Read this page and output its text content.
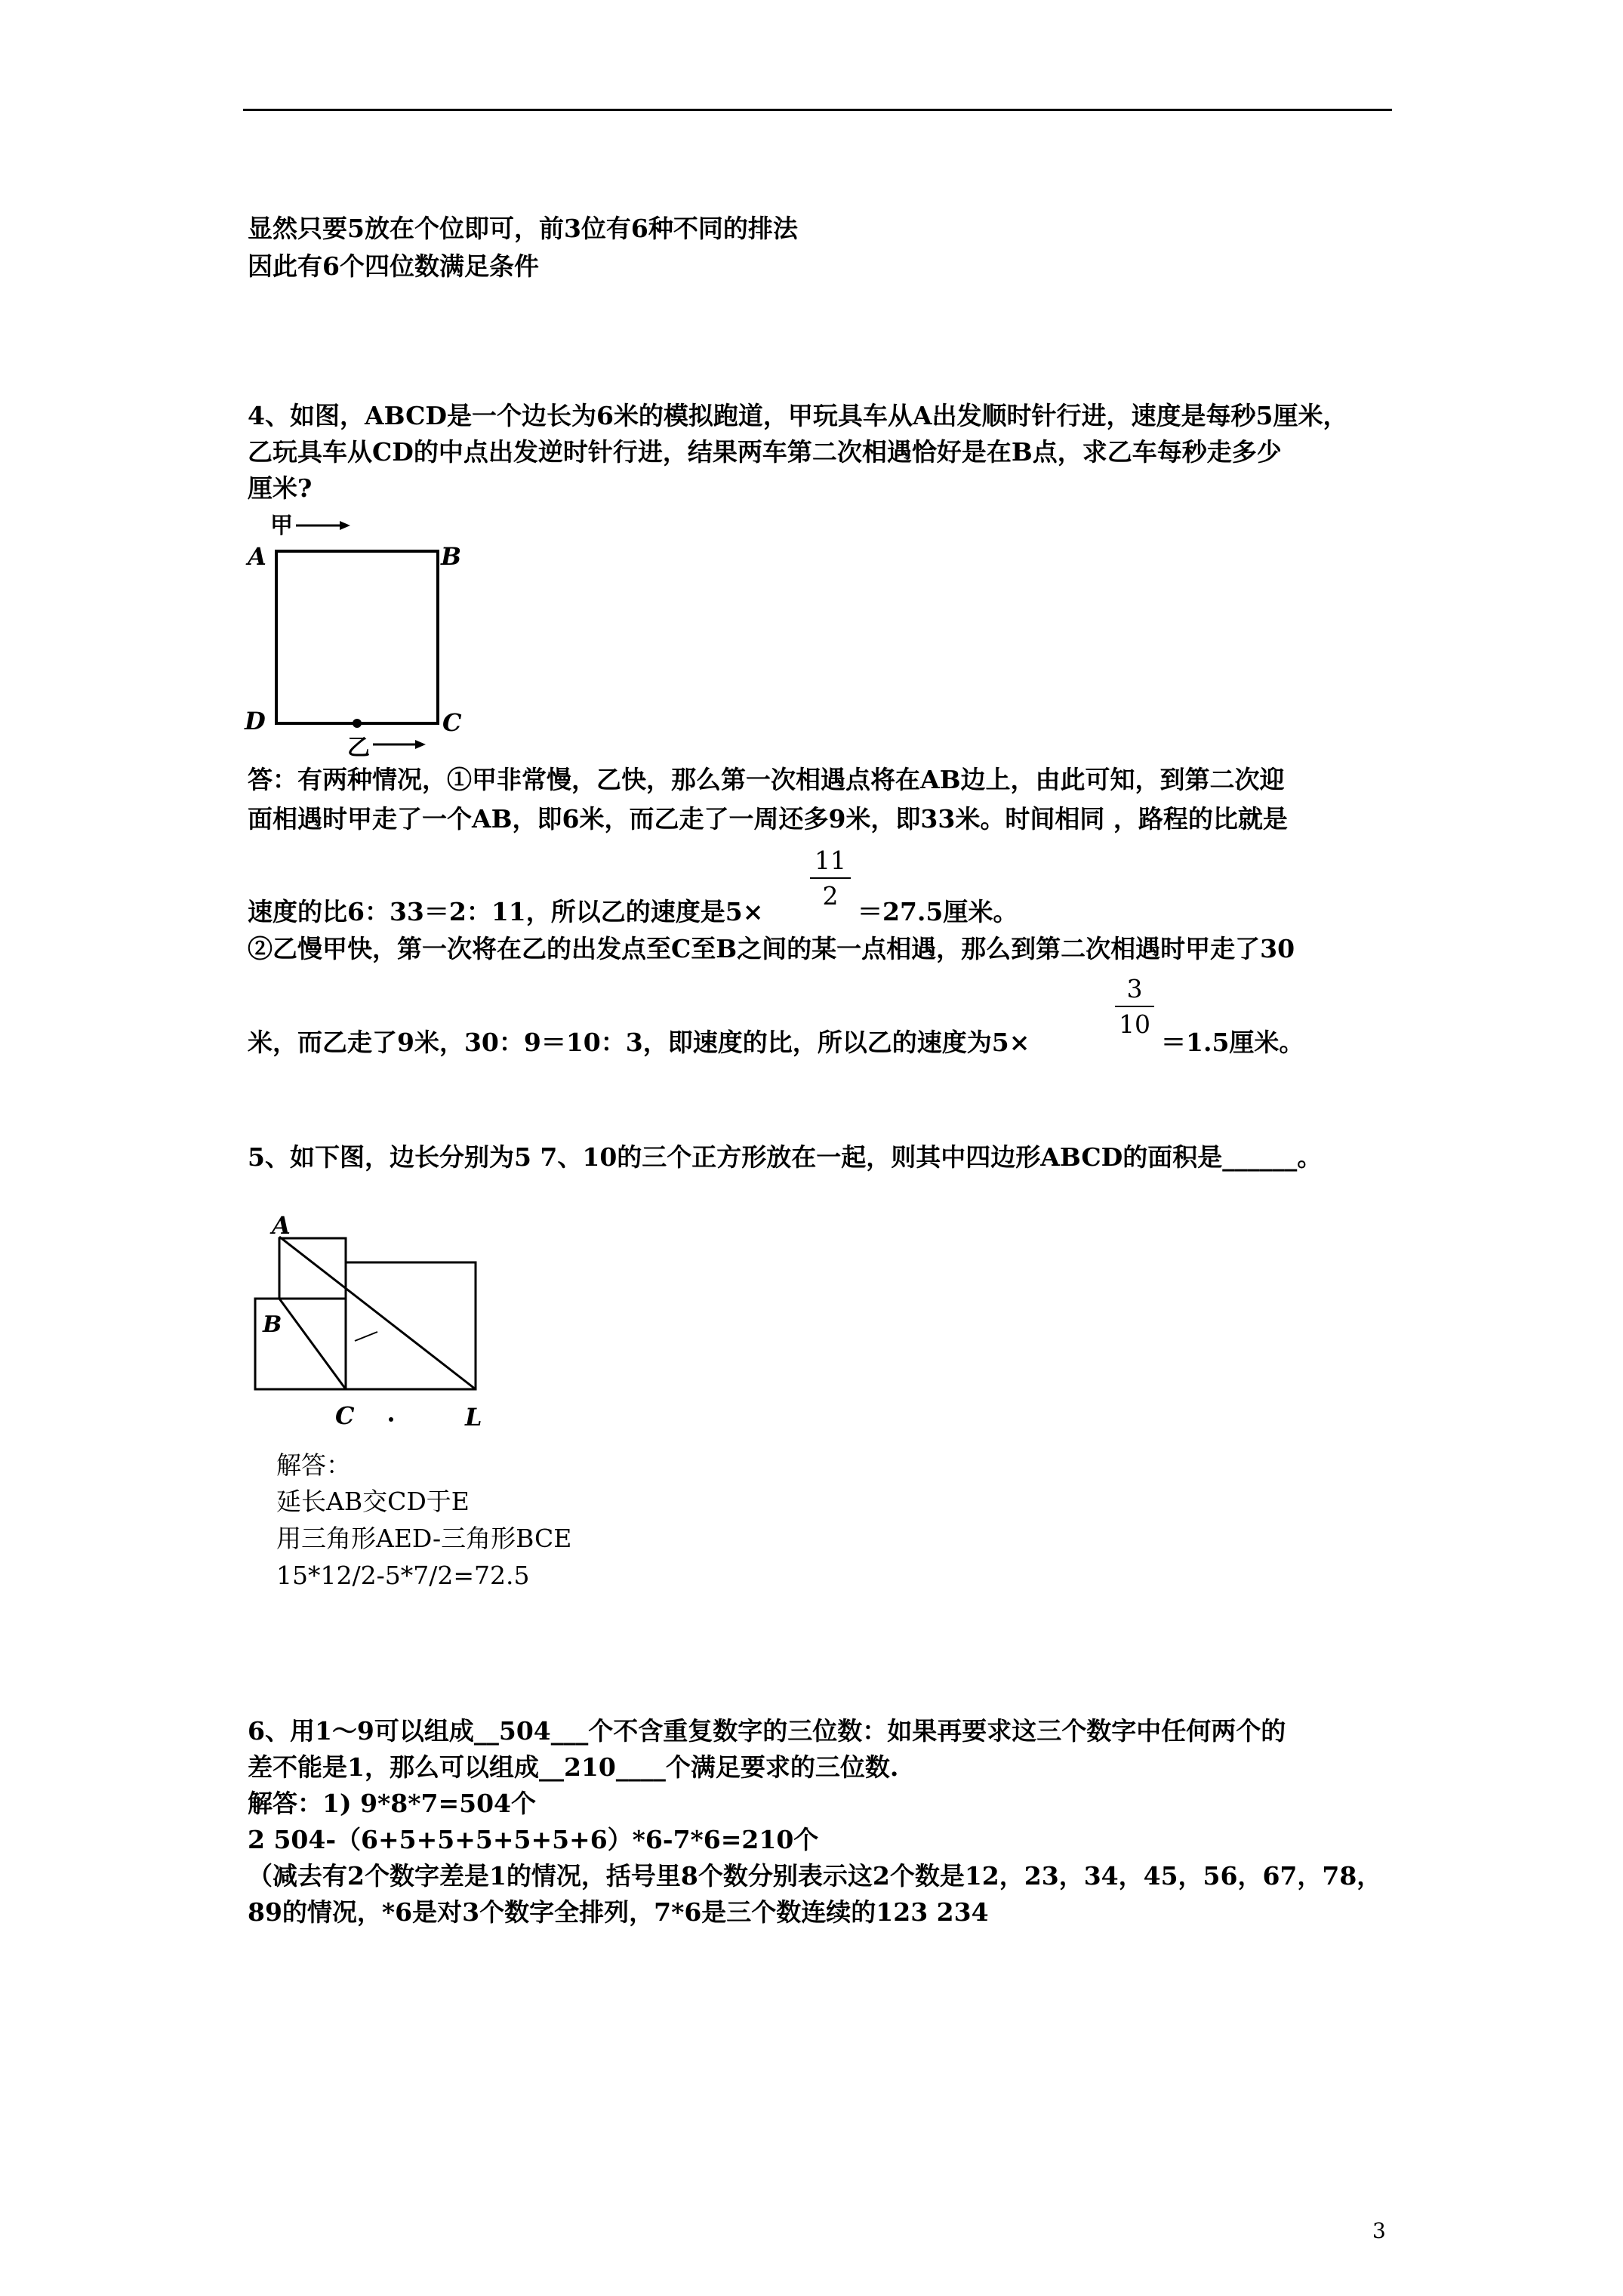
显然只要5放在个位即可，前3位有6种不同的排法
因此有6个四位数满足条件
4、如图，ABCD是一个边长为6米的模拟跑道，甲玩具车从A出发顺时针行进，速度是每秒5厘米，
乙玩具车从CD的中点出发逆时针行进，结果两车第二次相遇恰好是在B点，求乙车每秒走多少
厘米?
甲
A	B
D	C
乙
答：有两种情况，①甲非常慢，乙快，那么第一次相遇点将在AB边上，由此可知，到第二次迎
面相遇时甲走了一个AB，即6米，而乙走了一周还多9米，即33米。时间相同 ，路程的比就是
速度的比6：33＝2：11，所以乙的速度是5×
11
2
＝27.5厘米。
②乙慢甲快，第一次将在乙的出发点至C至B之间的某一点相遇，那么到第二次相遇时甲走了30
米，而乙走了9米，30：9＝10：3，即速度的比，所以乙的速度为5×
3
10
＝1.5厘米。
5、如下图，边长分别为5 7、10的三个正方形放在一起，则其中四边形ABCD的面积是______。
A
B
C	L
解答：
延长AB交CD于E
用三角形AED-三角形BCE
15*12/2-5*7/2=72.5
6、用1～9可以组成__504___个不含重复数字的三位数：如果再要求这三个数字中任何两个的
差不能是1，那么可以组成__210____个满足要求的三位数.
解答：1) 9*8*7=504个
2 504-（6+5+5+5+5+5+6）*6-7*6=210个
（减去有2个数字差是1的情况，括号里8个数分别表示这2个数是12，23，34，45，56，67，78，
89的情况，*6是对3个数字全排列，7*6是三个数连续的123 234
3
